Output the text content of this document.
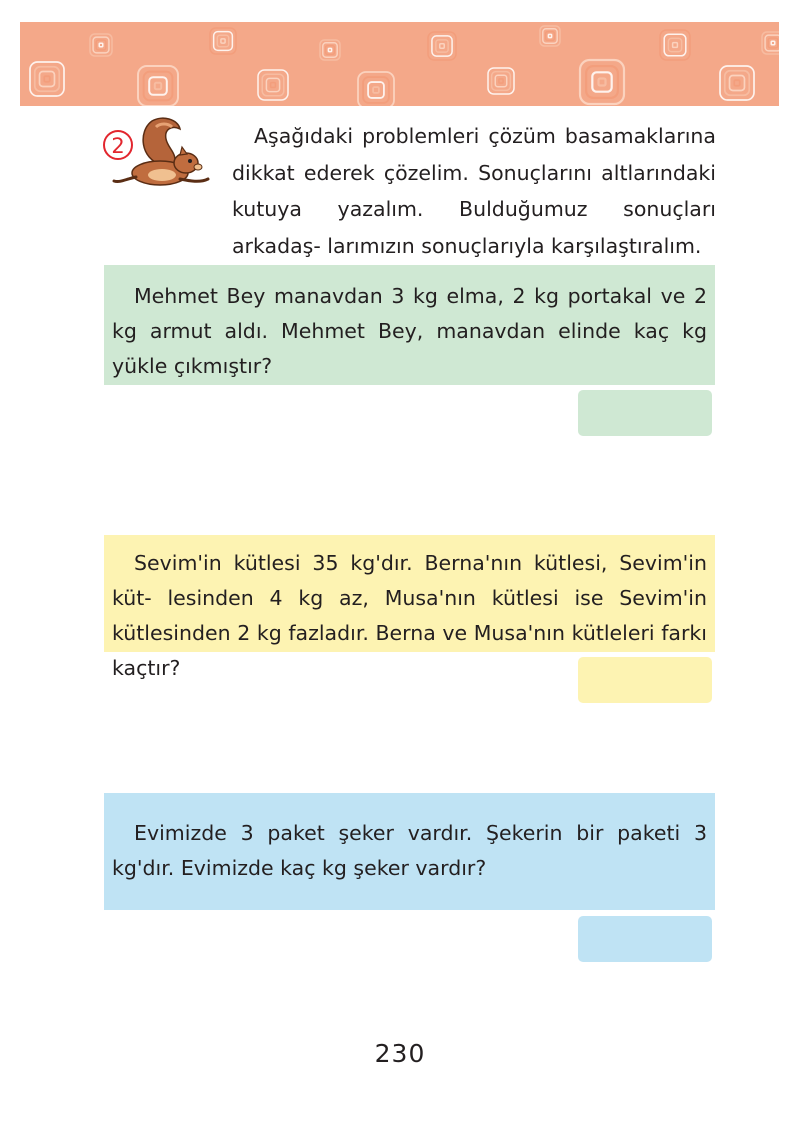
2	Aşağıdaki problemleri çözüm basamaklarına dikkat ederek çözelim. Sonuçlarını altlarındaki kutuya yazalım. Bulduğumuz sonuçları arkadaş- larımızın sonuçlarıyla karşılaştıralım.

Mehmet Bey manavdan 3 kg elma, 2 kg portakal ve 2 kg armut aldı. Mehmet Bey, manavdan elinde kaç kg yükle çıkmıştır?

Sevim'in kütlesi 35 kg'dır. Berna'nın kütlesi, Sevim'in küt- lesinden 4 kg az, Musa'nın kütlesi ise Sevim'in kütlesinden 2 kg fazladır. Berna ve Musa'nın kütleleri farkı kaçtır?

Evimizde 3 paket şeker vardır. Şekerin bir paketi 3 kg'dır. Evimizde kaç kg şeker vardır?

230
